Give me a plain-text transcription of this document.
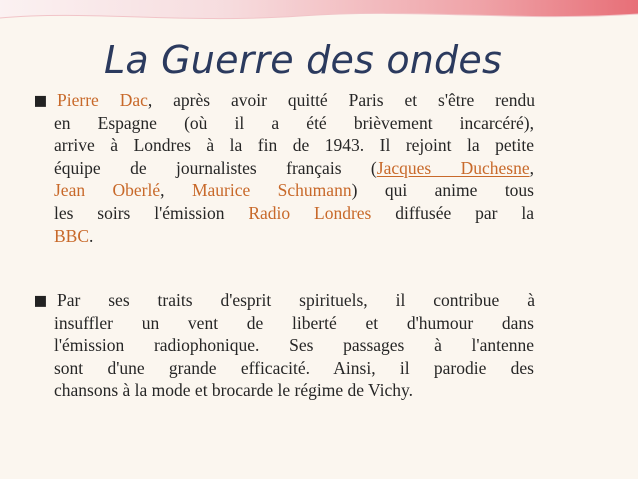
La Guerre des ondes
▪ Pierre Dac, après avoir quitté Paris et s'être rendu
en Espagne (où il a été brièvement incarcéré),
arrive à Londres à la fin de 1943. Il rejoint la petite
équipe de journalistes français (Jacques Duchesne,
Jean Oberlé, Maurice Schumann) qui anime tous
les soirs l'émission Radio Londres diffusée par la
BBC.
▪ Par ses traits d'esprit spirituels, il contribue à
insuffler un vent de liberté et d'humour dans
l'émission radiophonique. Ses passages à l'antenne
sont d'une grande efficacité. Ainsi, il parodie des
chansons à la mode et brocarde le régime de Vichy.
